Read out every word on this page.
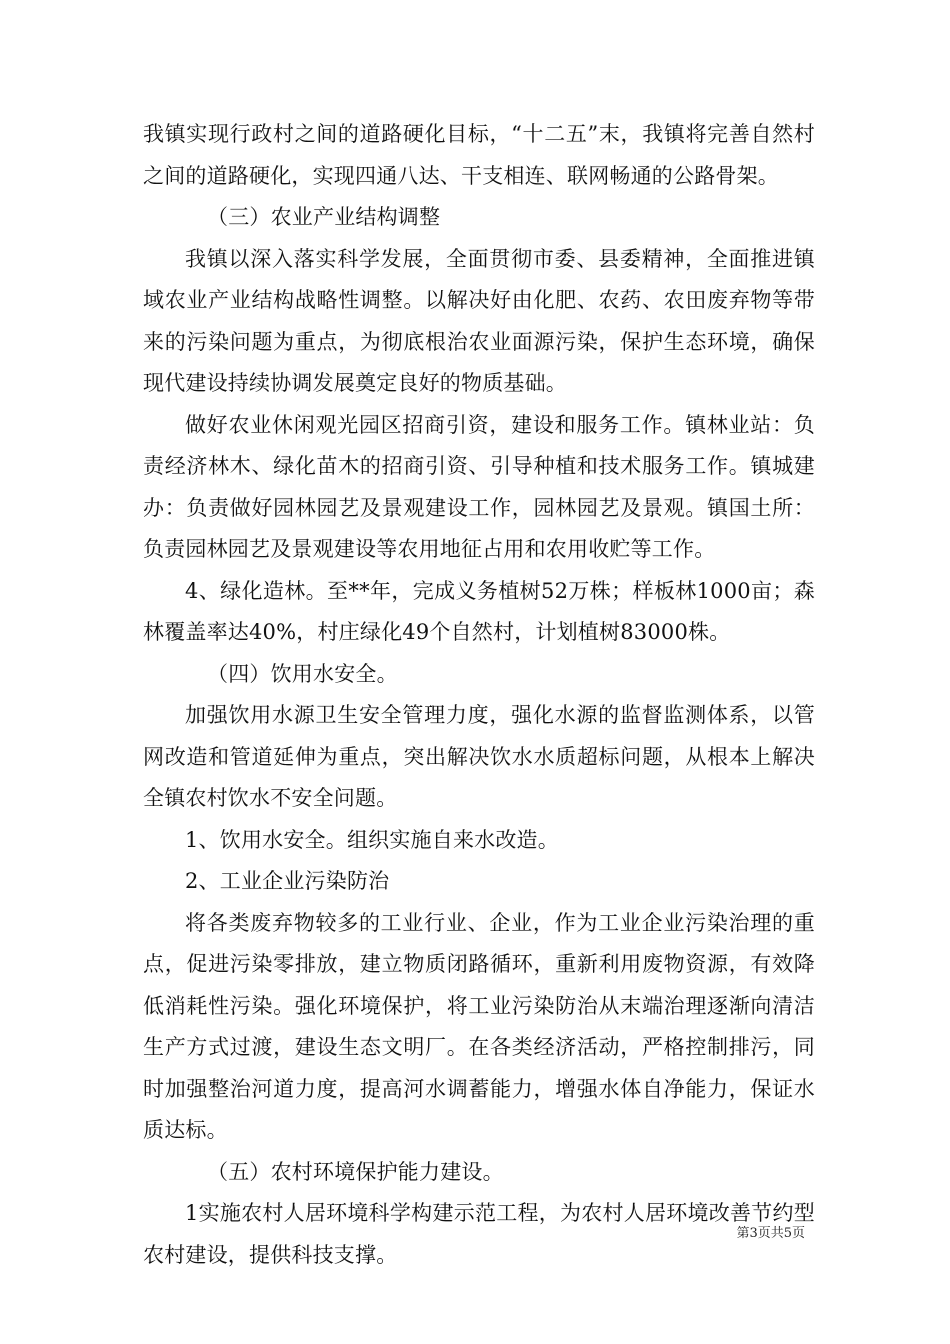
我镇实现行政村之间的道路硬化目标，“十二五”末，我镇将完善自然村之间的道路硬化，实现四通八达、干支相连、联网畅通的公路骨架。

（三）农业产业结构调整

我镇以深入落实科学发展，全面贯彻市委、县委精神，全面推进镇域农业产业结构战略性调整。以解决好由化肥、农药、农田废弃物等带来的污染问题为重点，为彻底根治农业面源污染，保护生态环境，确保现代建设持续协调发展奠定良好的物质基础。

做好农业休闲观光园区招商引资，建设和服务工作。镇林业站：负责经济林木、绿化苗木的招商引资、引导种植和技术服务工作。镇城建办：负责做好园林园艺及景观建设工作，园林园艺及景观。镇国土所：负责园林园艺及景观建设等农用地征占用和农用收贮等工作。

4、绿化造林。至**年，完成义务植树52万株；样板林1000亩；森林覆盖率达40%，村庄绿化49个自然村，计划植树83000株。

（四）饮用水安全。

加强饮用水源卫生安全管理力度，强化水源的监督监测体系，以管网改造和管道延伸为重点，突出解决饮水水质超标问题，从根本上解决全镇农村饮水不安全问题。

1、饮用水安全。组织实施自来水改造。

2、工业企业污染防治

将各类废弃物较多的工业行业、企业，作为工业企业污染治理的重点，促进污染零排放，建立物质闭路循环，重新利用废物资源，有效降低消耗性污染。强化环境保护，将工业污染防治从末端治理逐渐向清洁生产方式过渡，建设生态文明厂。在各类经济活动，严格控制排污，同时加强整治河道力度，提高河水调蓄能力，增强水体自净能力，保证水质达标。

（五）农村环境保护能力建设。

1实施农村人居环境科学构建示范工程，为农村人居环境改善节约型农村建设，提供科技支撑。

第3页共5页
